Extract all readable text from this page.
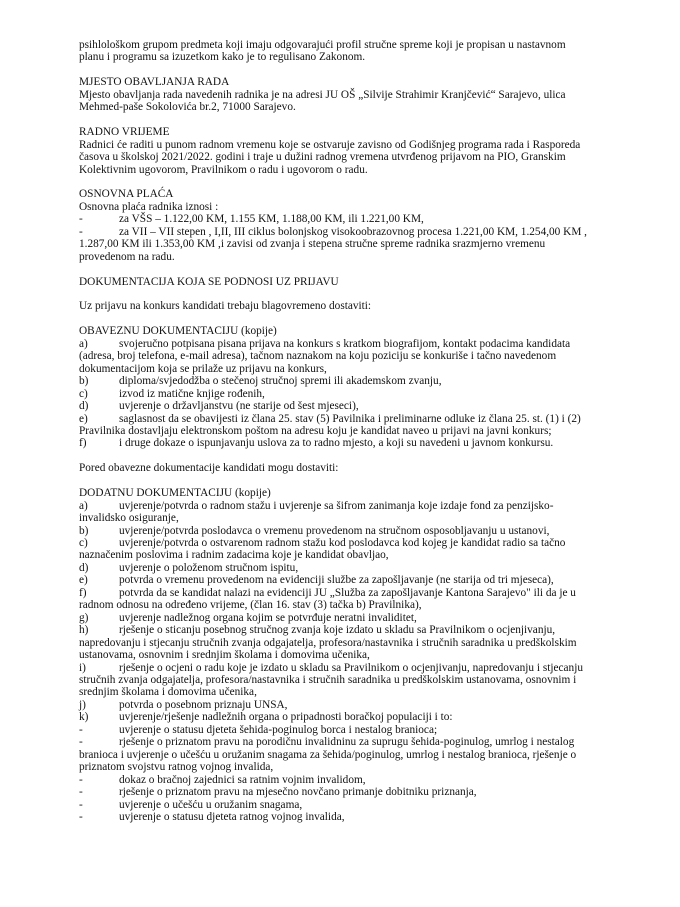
psihlološkom grupom predmeta koji imaju odgovarajući profil stručne spreme koji je propisan u nastavnom
planu i programu sa izuzetkom kako je to regulisano Zakonom.
MJESTO OBAVLJANJA RADA
Mjesto obavljanja rada navedenih radnika je na adresi JU OŠ „Silvije Strahimir Kranjčević“ Sarajevo, ulica
Mehmed-paše Sokolovića br.2, 71000 Sarajevo.
RADNO VRIJEME
Radnici će raditi u punom radnom vremenu koje se ostvaruje zavisno od Godišnjeg programa rada i Rasporeda
časova u školskoj 2021/2022. godini i traje u dužini radnog vremena utvrđenog prijavom na PIO, Granskim
Kolektivnim ugovorom, Pravilnikom o radu i ugovorom o radu.
OSNOVNA PLAĆA
Osnovna plaća radnika iznosi :
-	za VŠS – 1.122,00 KM, 1.155 KM, 1.188,00 KM, ili 1.221,00 KM,
-	za VII – VII stepen , I,II, III ciklus bolonjskog visokoobrazovnog procesa 1.221,00 KM, 1.254,00 KM ,
1.287,00 KM ili 1.353,00 KM ,i zavisi od zvanja i stepena stručne spreme radnika srazmjerno vremenu
provedenom na radu.
DOKUMENTACIJA KOJA SE PODNOSI UZ PRIJAVU
Uz prijavu na konkurs kandidati trebaju blagovremeno dostaviti:
OBAVEZNU DOKUMENTACIJU (kopije)
a)	svojeručno potpisana pisana prijava na konkurs s kratkom biografijom, kontakt podacima kandidata
(adresa, broj telefona, e-mail adresa), tačnom naznakom na koju poziciju se konkuriše i tačno navedenom
dokumentacijom koja se prilaže uz prijavu na konkurs,
b)	diploma/svjedodžba o stečenoj stručnoj spremi ili akademskom zvanju,
c)	izvod iz matične knjige rođenih,
d)	uvjerenje o državljanstvu (ne starije od šest mjeseci),
e)	saglasnost da se obavijesti iz člana 25. stav (5) Pavilnika i preliminarne odluke iz člana 25. st. (1) i (2)
Pravilnika dostavljaju elektronskom poštom na adresu koju je kandidat naveo u prijavi na javni konkurs;
f)	i druge dokaze o ispunjavanju uslova za to radno mjesto, a koji su navedeni u javnom konkursu.
Pored obavezne dokumentacije kandidati mogu dostaviti:
DODATNU DOKUMENTACIJU (kopije)
a)	uvjerenje/potvrda o radnom stažu i uvjerenje sa šifrom zanimanja koje izdaje fond za penzijsko-
invalidsko osiguranje,
b)	uvjerenje/potvrda poslodavca o vremenu provedenom na stručnom osposobljavanju u ustanovi,
c)	uvjerenje/potvrda o ostvarenom radnom stažu kod poslodavca kod kojeg je kandidat radio sa tačno
naznačenim poslovima i radnim zadacima koje je kandidat obavljao,
d)	uvjerenje o položenom stručnom ispitu,
e)	potvrda o vremenu provedenom na evidenciji službe za zapošljavanje (ne starija od tri mjeseca),
f)	potvrda da se kandidat nalazi na evidenciji JU „Služba za zapošljavanje Kantona Sarajevo" ili da je u
radnom odnosu na određeno vrijeme, (član 16. stav (3) tačka b) Pravilnika),
g)	uvjerenje nadležnog organa kojim se potvrđuje neratni invaliditet,
h)	rješenje o sticanju posebnog stručnog zvanja koje izdato u skladu sa Pravilnikom o ocjenjivanju,
napredovanju i stjecanju stručnih zvanja odgajatelja, profesora/nastavnika i stručnih saradnika u predškolskim
ustanovama, osnovnim i srednjim školama i domovima učenika,
i)	rješenje o ocjeni o radu koje je izdato u skladu sa Pravilnikom o ocjenjivanju, napredovanju i stjecanju
stručnih zvanja odgajatelja, profesora/nastavnika i stručnih saradnika u predškolskim ustanovama, osnovnim i
srednjim školama i domovima učenika,
j)	potvrda o posebnom priznaju UNSA,
k)	uvjerenje/rješenje nadležnih organa o pripadnosti boračkoj populaciji i to:
-	uvjerenje o statusu djeteta šehida-poginulog borca i nestalog branioca;
-	rješenje o priznatom pravu na porodičnu invalidninu za suprugu šehida-poginulog, umrlog i nestalog
branioca i uvjerenje o učešću u oružanim snagama za šehida/poginulog, umrlog i nestalog branioca, rješenje o
priznatom svojstvu ratnog vojnog invalida,
-	dokaz o bračnoj zajednici sa ratnim vojnim invalidom,
-	rješenje o priznatom pravu na mjesečno novčano primanje dobitniku priznanja,
-	uvjerenje o učešću u oružanim snagama,
-	uvjerenje o statusu djeteta ratnog vojnog invalida,
